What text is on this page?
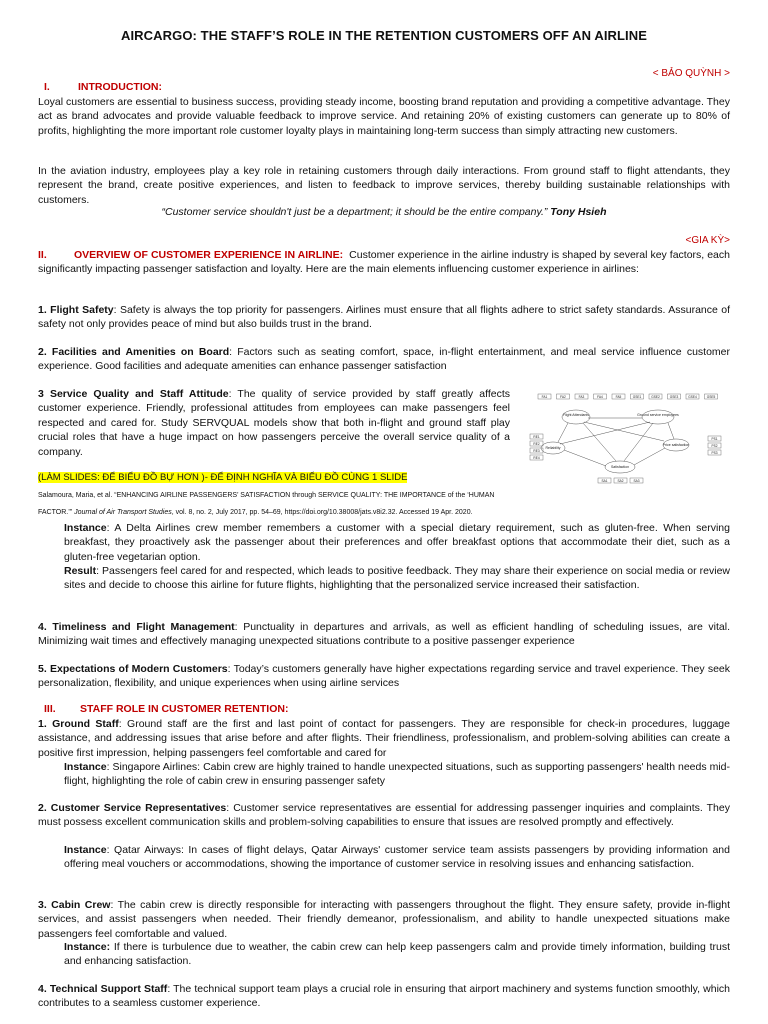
AIRCARGO: THE STAFF’S ROLE IN THE RETENTION CUSTOMERS OFF AN AIRLINE
< BẢO QUỲNH >
I.	INTRODUCTION:
Loyal customers are essential to business success, providing steady income, boosting brand reputation and providing a competitive advantage. They act as brand advocates and provide valuable feedback to improve service. And retaining 20% of existing customers can generate up to 80% of profits, highlighting the more important role customer loyalty plays in maintaining long-term success than simply attracting new customers.
In the aviation industry, employees play a key role in retaining customers through daily interactions. From ground staff to flight attendants, they represent the brand, create positive experiences, and listen to feedback to improve services, thereby building sustainable relationships with customers.
“Customer service shouldn't just be a department; it should be the entire company.” Tony Hsieh
<GIA KỲ>
II.	OVERVIEW OF CUSTOMER EXPERIENCE IN AIRLINE: Customer experience in the airline industry is shaped by several key factors, each significantly impacting passenger satisfaction and loyalty. Here are the main elements influencing customer experience in airlines:
1. Flight Safety: Safety is always the top priority for passengers. Airlines must ensure that all flights adhere to strict safety standards. Assurance of safety not only provides peace of mind but also builds trust in the brand.
2. Facilities and Amenities on Board: Factors such as seating comfort, space, in-flight entertainment, and meal service influence customer experience. Good facilities and adequate amenities can enhance passenger satisfaction
3 Service Quality and Staff Attitude: The quality of service provided by staff greatly affects customer experience. Friendly, professional attitudes from employees can make passengers feel respected and cared for. Study SERVQUAL models show that both in-flight and ground staff play crucial roles that have a huge impact on how passengers perceive the overall service quality of a company.
FA1	FA2	FA3	FA4	FA5	GSE1	GSE2	GSE3	GSE4	GSE5
RE1
RE2
RE3
RE4
PS1
PS2
PS3
SA1	SA2	SA3
Flight Attendants	Ground service employees
Reliability
Price satisfaction
Satisfaction
(LÀM SLIDES: ĐỂ BIỂU ĐỒ BỰ HƠN )- ĐỂ ĐỊNH NGHĨA VÀ BIỂU ĐỒ CÙNG 1 SLIDE
Salamoura, Maria, et al. “ENHANCING AIRLINE PASSENGERS’ SATISFACTION through SERVICE QUALITY: THE IMPORTANCE of the ‘HUMAN
FACTOR.’” Journal of Air Transport Studies, vol. 8, no. 2, July 2017, pp. 54–69, https://doi.org/10.38008/jats.v8i2.32. Accessed 19 Apr. 2020.
Instance: A Delta Airlines crew member remembers a customer with a special dietary requirement, such as gluten-free. When serving breakfast, they proactively ask the passenger about their preferences and offer breakfast options that accommodate their diet, such as a gluten-free vegetarian option.
Result: Passengers feel cared for and respected, which leads to positive feedback. They may share their experience on social media or review sites and decide to choose this airline for future flights, highlighting that the personalized service increased their satisfaction.
4. Timeliness and Flight Management: Punctuality in departures and arrivals, as well as efficient handling of scheduling issues, are vital. Minimizing wait times and effectively managing unexpected situations contribute to a positive passenger experience
5. Expectations of Modern Customers: Today’s customers generally have higher expectations regarding service and travel experience. They seek personalization, flexibility, and unique experiences when using airline services
III. STAFF ROLE IN CUSTOMER RETENTION:
1. Ground Staff: Ground staff are the first and last point of contact for passengers. They are responsible for check-in procedures, luggage assistance, and addressing issues that arise before and after flights. Their friendliness, professionalism, and problem-solving abilities can create a positive first impression, helping passengers feel comfortable and cared for
Instance: Singapore Airlines: Cabin crew are highly trained to handle unexpected situations, such as supporting passengers' health needs mid-flight, highlighting the role of cabin crew in ensuring passenger safety
2. Customer Service Representatives: Customer service representatives are essential for addressing passenger inquiries and complaints. They must possess excellent communication skills and problem-solving capabilities to ensure that issues are resolved promptly and effectively.
Instance: Qatar Airways: In cases of flight delays, Qatar Airways' customer service team assists passengers by providing information and offering meal vouchers or accommodations, showing the importance of customer service in resolving issues and enhancing satisfaction.
3. Cabin Crew: The cabin crew is directly responsible for interacting with passengers throughout the flight. They ensure safety, provide in-flight services, and assist passengers when needed. Their friendly demeanor, professionalism, and ability to handle unexpected situations make passengers feel comfortable and valued.
Instance: If there is turbulence due to weather, the cabin crew can help keep passengers calm and provide timely information, building trust and enhancing satisfaction.
4. Technical Support Staff: The technical support team plays a crucial role in ensuring that airport machinery and systems function smoothly, which contributes to a seamless customer experience.
